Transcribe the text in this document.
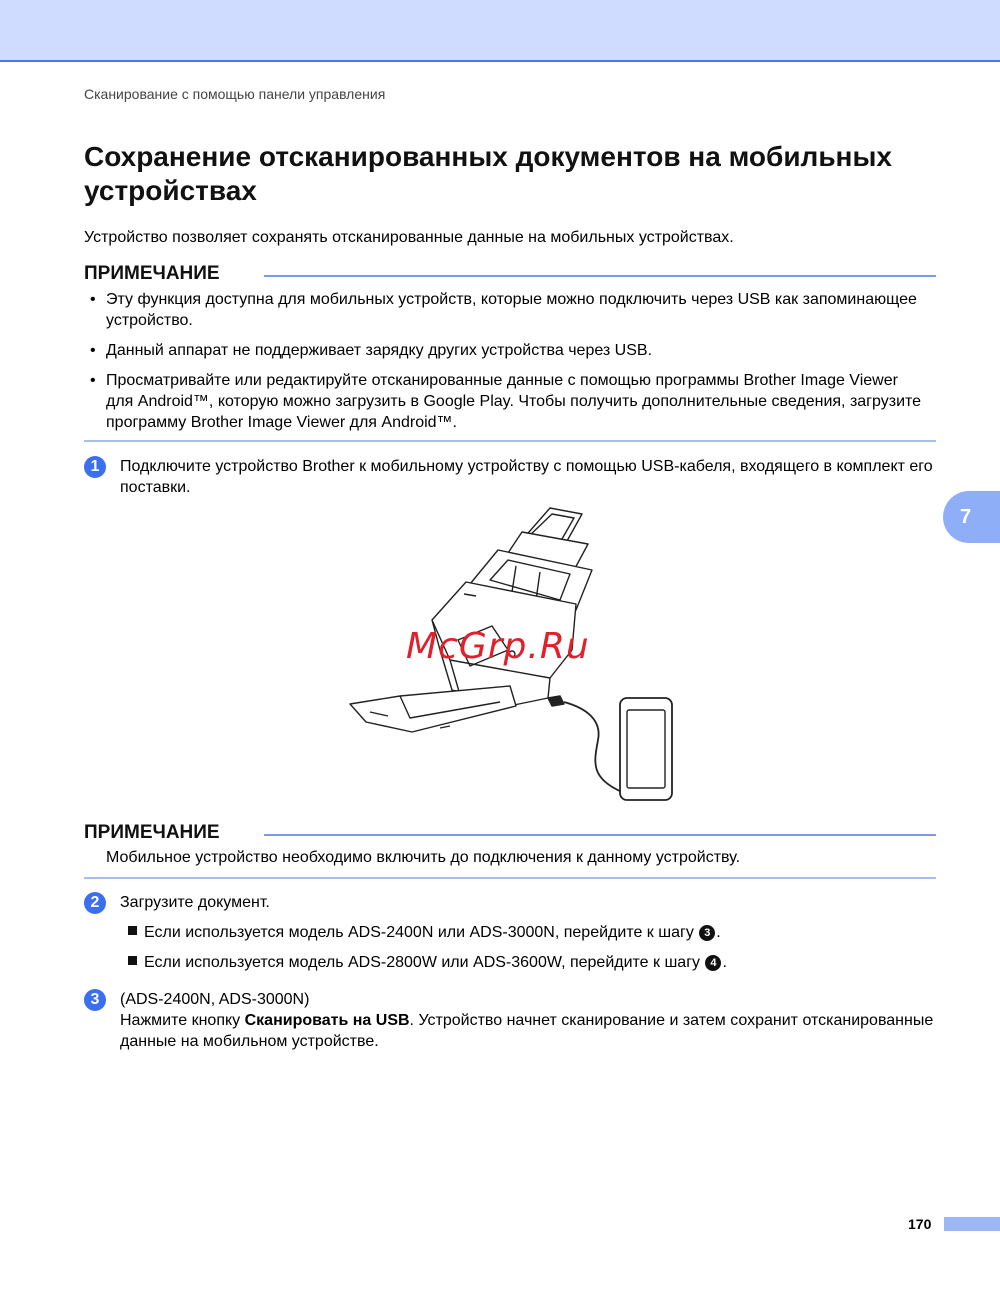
Сканирование с помощью панели управления
Сохранение отсканированных документов на мобильных устройствах
Устройство позволяет сохранять отсканированные данные на мобильных устройствах.
ПРИМЕЧАНИЕ
• Эту функция доступна для мобильных устройств, которые можно подключить через USB как запоминающее устройство.
• Данный аппарат не поддерживает зарядку других устройства через USB.
• Просматривайте или редактируйте отсканированные данные с помощью программы Brother Image Viewer для Android™, которую можно загрузить в Google Play. Чтобы получить дополнительные сведения, загрузите программу Brother Image Viewer для Android™.
1	Подключите устройство Brother к мобильному устройству с помощью USB-кабеля, входящего в комплект его поставки.
7
McGrp.Ru
ПРИМЕЧАНИЕ
Мобильное устройство необходимо включить до подключения к данному устройству.
2	Загрузите документ.
Если используется модель ADS-2400N или ADS-3000N, перейдите к шагу 3 .
Если используется модель ADS-2800W или ADS-3600W, перейдите к шагу 4 .
3	(ADS-2400N, ADS-3000N)
Нажмите кнопку Сканировать на USB. Устройство начнет сканирование и затем сохранит отсканированные данные на мобильном устройстве.
170
